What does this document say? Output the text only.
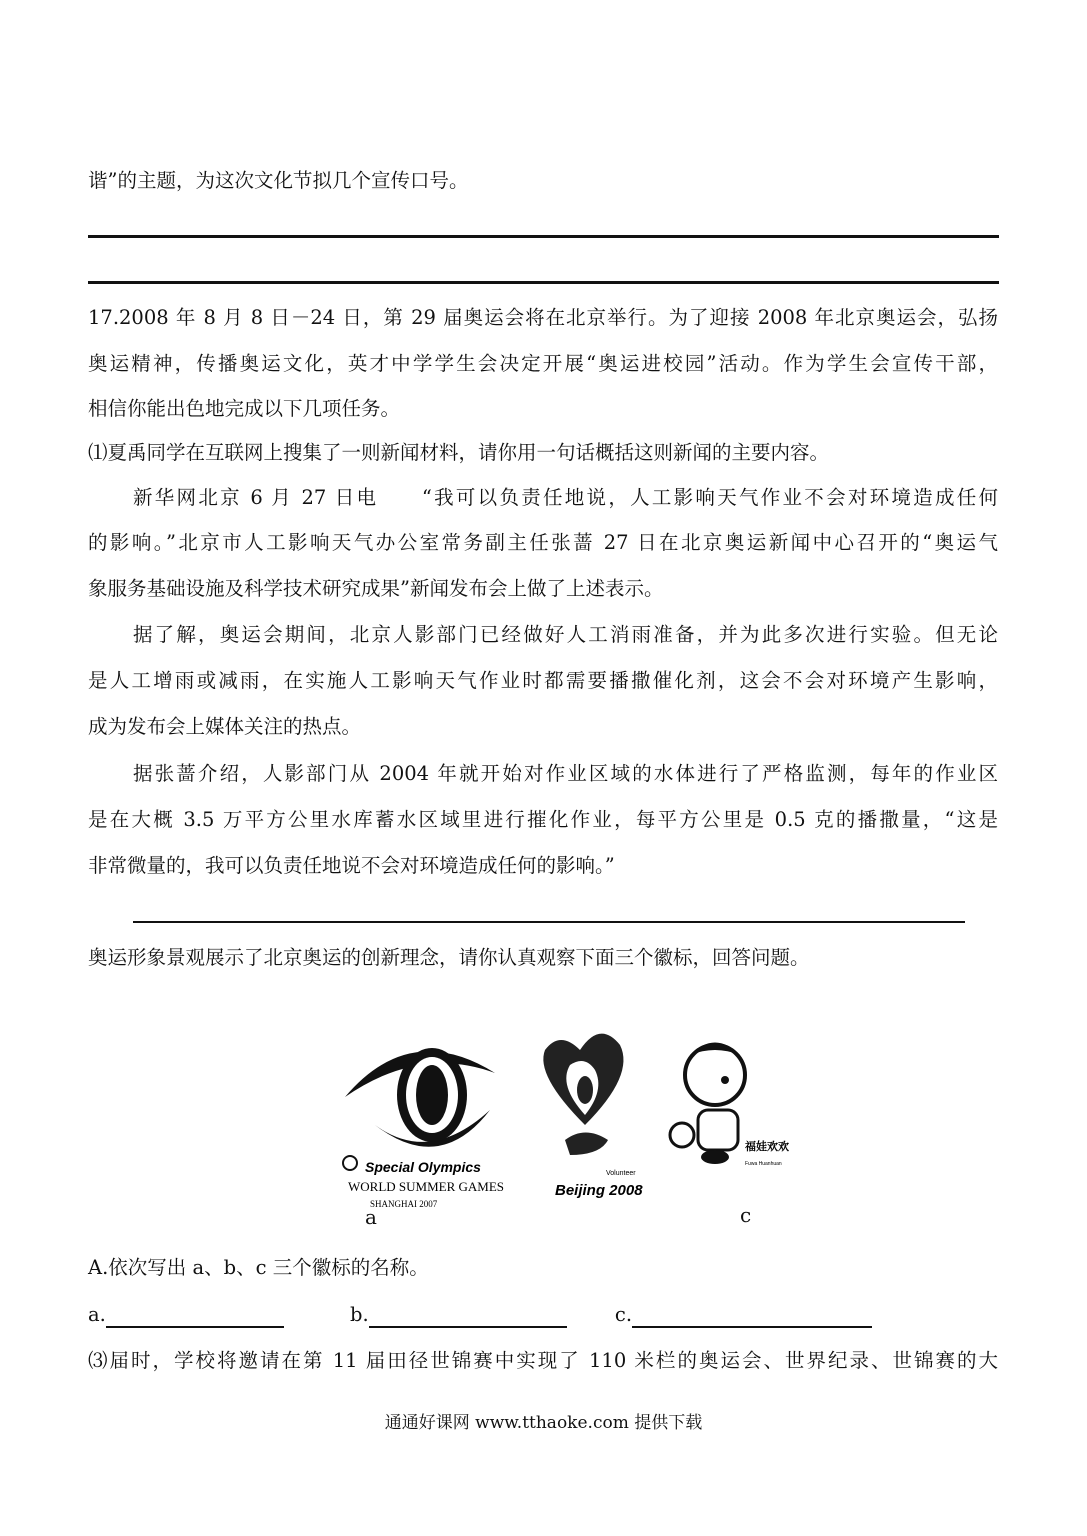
谐”的主题，为这次文化节拟几个宣传口号。
17.2008 年 8 月 8 日－24 日，第 29 届奥运会将在北京举行。为了迎接 2008 年北京奥运会，弘扬
奥运精神，传播奥运文化，英才中学学生会决定开展“奥运进校园”活动。作为学生会宣传干部，
相信你能出色地完成以下几项任务。
⑴夏禹同学在互联网上搜集了一则新闻材料，请你用一句话概括这则新闻的主要内容。
新华网北京 6 月 27 日电　　“我可以负责任地说，人工影响天气作业不会对环境造成任何
的影响。”北京市人工影响天气办公室常务副主任张蔷 27 日在北京奥运新闻中心召开的“奥运气
象服务基础设施及科学技术研究成果”新闻发布会上做了上述表示。
据了解，奥运会期间，北京人影部门已经做好人工消雨准备，并为此多次进行实验。但无论
是人工增雨或减雨，在实施人工影响天气作业时都需要播撒催化剂，这会不会对环境产生影响，
成为发布会上媒体关注的热点。
据张蔷介绍，人影部门从 2004 年就开始对作业区域的水体进行了严格监测，每年的作业区
是在大概 3.5 万平方公里水库蓄水区域里进行摧化作业，每平方公里是 0.5 克的播撒量，“这是
非常微量的，我可以负责任地说不会对环境造成任何的影响。”
奥运形象景观展示了北京奥运的创新理念，请你认真观察下面三个徽标，回答问题。
Special Olympics
WORLD SUMMER GAMES
SHANGHAI 2007
Volunteer
Beijing 2008
福娃欢欢
Fuwa Huanhuan
a	c
A.依次写出 a、b、c 三个徽标的名称。
a.	b.	c.
⑶届时，学校将邀请在第 11 届田径世锦赛中实现了 110 米栏的奥运会、世界纪录、世锦赛的大
通通好课网 www.tthaoke.com 提供下载
